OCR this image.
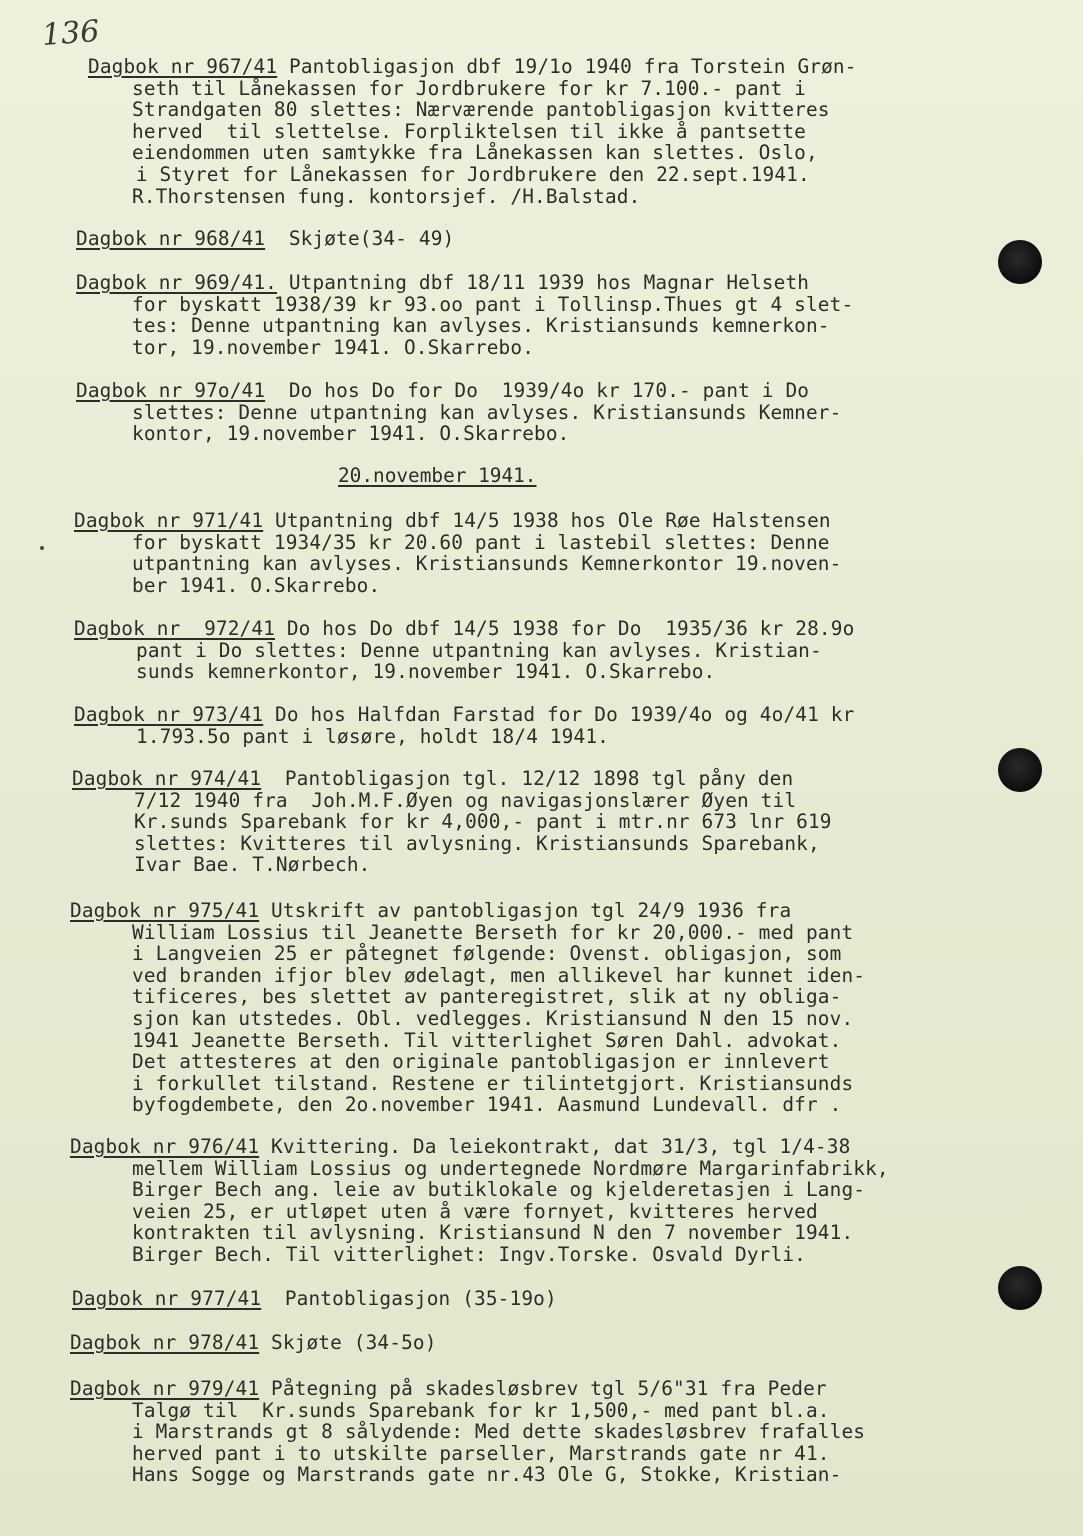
136
Dagbok nr 967/41 Pantobligasjon dbf 19/1o 1940 fra Torstein Grøn-
seth til Lånekassen for Jordbrukere for kr 7.100.- pant i
Strandgaten 80 slettes: Nærværende pantobligasjon kvitteres
herved  til slettelse. Forpliktelsen til ikke å pantsette
eiendommen uten samtykke fra Lånekassen kan slettes. Oslo,
i Styret for Lånekassen for Jordbrukere den 22.sept.1941.
R.Thorstensen fung. kontorsjef. /H.Balstad.
Dagbok nr 968/41  Skjøte(34- 49)
Dagbok nr 969/41. Utpantning dbf 18/11 1939 hos Magnar Helseth
for byskatt 1938/39 kr 93.oo pant i Tollinsp.Thues gt 4 slet-
tes: Denne utpantning kan avlyses. Kristiansunds kemnerkon-
tor, 19.november 1941. O.Skarrebo.
Dagbok nr 97o/41  Do hos Do for Do  1939/4o kr 170.- pant i Do
slettes: Denne utpantning kan avlyses. Kristiansunds Kemner-
kontor, 19.november 1941. O.Skarrebo.
20.november 1941.
Dagbok nr 971/41 Utpantning dbf 14/5 1938 hos Ole Røe Halstensen
for byskatt 1934/35 kr 20.60 pant i lastebil slettes: Denne
utpantning kan avlyses. Kristiansunds Kemnerkontor 19.noven-
ber 1941. O.Skarrebo.
Dagbok nr  972/41 Do hos Do dbf 14/5 1938 for Do  1935/36 kr 28.9o
pant i Do slettes: Denne utpantning kan avlyses. Kristian-
sunds kemnerkontor, 19.november 1941. O.Skarrebo.
Dagbok nr 973/41 Do hos Halfdan Farstad for Do 1939/4o og 4o/41 kr
1.793.5o pant i løsøre, holdt 18/4 1941.
Dagbok nr 974/41  Pantobligasjon tgl. 12/12 1898 tgl påny den
7/12 1940 fra  Joh.M.F.Øyen og navigasjonslærer Øyen til
Kr.sunds Sparebank for kr 4,000,- pant i mtr.nr 673 lnr 619
slettes: Kvitteres til avlysning. Kristiansunds Sparebank,
Ivar Bae. T.Nørbech.
Dagbok nr 975/41 Utskrift av pantobligasjon tgl 24/9 1936 fra
William Lossius til Jeanette Berseth for kr 20,000.- med pant
i Langveien 25 er påtegnet følgende: Ovenst. obligasjon, som
ved branden ifjor blev ødelagt, men allikevel har kunnet iden-
tificeres, bes slettet av panteregistret, slik at ny obliga-
sjon kan utstedes. Obl. vedlegges. Kristiansund N den 15 nov.
1941 Jeanette Berseth. Til vitterlighet Søren Dahl. advokat.
Det attesteres at den originale pantobligasjon er innlevert
i forkullet tilstand. Restene er tilintetgjort. Kristiansunds
byfogdembete, den 2o.november 1941. Aasmund Lundevall. dfr .
Dagbok nr 976/41 Kvittering. Da leiekontrakt, dat 31/3, tgl 1/4-38
mellem William Lossius og undertegnede Nordmøre Margarinfabrikk,
Birger Bech ang. leie av butiklokale og kjelderetasjen i Lang-
veien 25, er utløpet uten å være fornyet, kvitteres herved
kontrakten til avlysning. Kristiansund N den 7 november 1941.
Birger Bech. Til vitterlighet: Ingv.Torske. Osvald Dyrli.
Dagbok nr 977/41  Pantobligasjon (35-19o)
Dagbok nr 978/41 Skjøte (34-5o)
Dagbok nr 979/41 Påtegning på skadesløsbrev tgl 5/6"31 fra Peder
Talgø til  Kr.sunds Sparebank for kr 1,500,- med pant bl.a.
i Marstrands gt 8 sålydende: Med dette skadesløsbrev frafalles
herved pant i to utskilte parseller, Marstrands gate nr 41.
Hans Sogge og Marstrands gate nr.43 Ole G, Stokke, Kristian-
